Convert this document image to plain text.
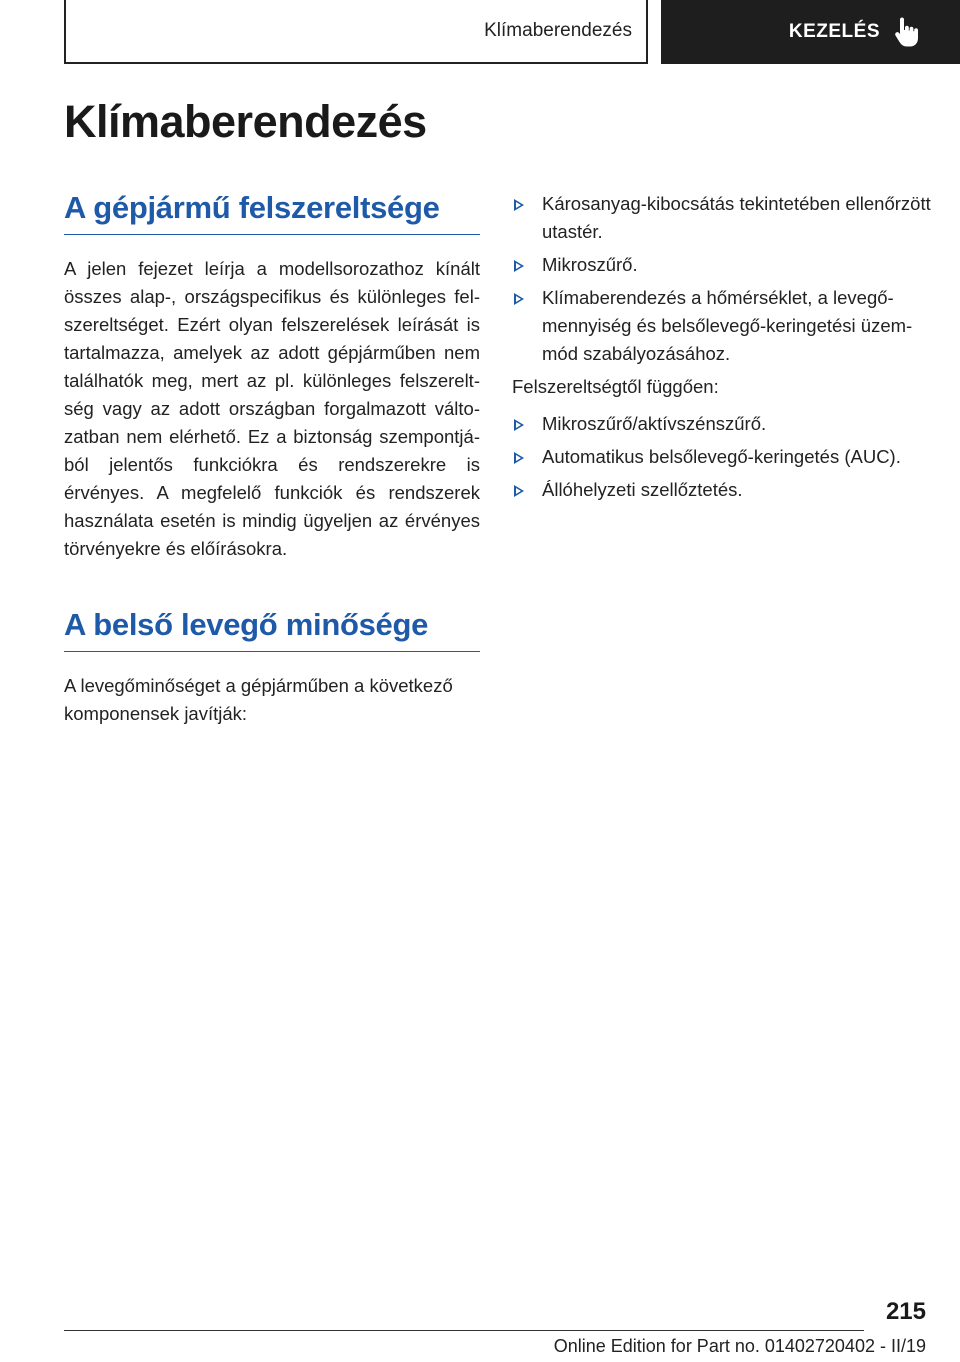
Klímaberendezés	KEZELÉS
Klímaberendezés
A gépjármű felszereltsége

A jelen fejezet leírja a modellsorozathoz kínált összes alap-, országspecifikus és különleges felszereltséget. Ezért olyan felszerelések leírását is tartalmazza, amelyek az adott gépjárműben nem találhatók meg, mert az pl. különleges felszereltség vagy az adott országban forgalmazott változatban nem elérhető. Ez a biztonság szempontjából jelentős funkciókra és rendszerekre is érvényes. A megfelelő funkciók és rendszerek használata esetén is mindig ügyeljen az érvényes törvényekre és előírásokra.

A belső levegő minősége

A levegőminőséget a gépjárműben a következő komponensek javítják:

Károsanyag-kibocsátás tekintetében ellenőrzött utastér.
Mikroszűrő.
Klímaberendezés a hőmérséklet, a levegőmennyiség és belsőlevegő-keringetési üzemmód szabályozásához.

Felszereltségtől függően:

Mikroszűrő/aktívszénszűrő.
Automatikus belsőlevegő-keringetés (AUC).
Állóhelyzeti szellőztetés.
215
Online Edition for Part no. 01402720402 - II/19
